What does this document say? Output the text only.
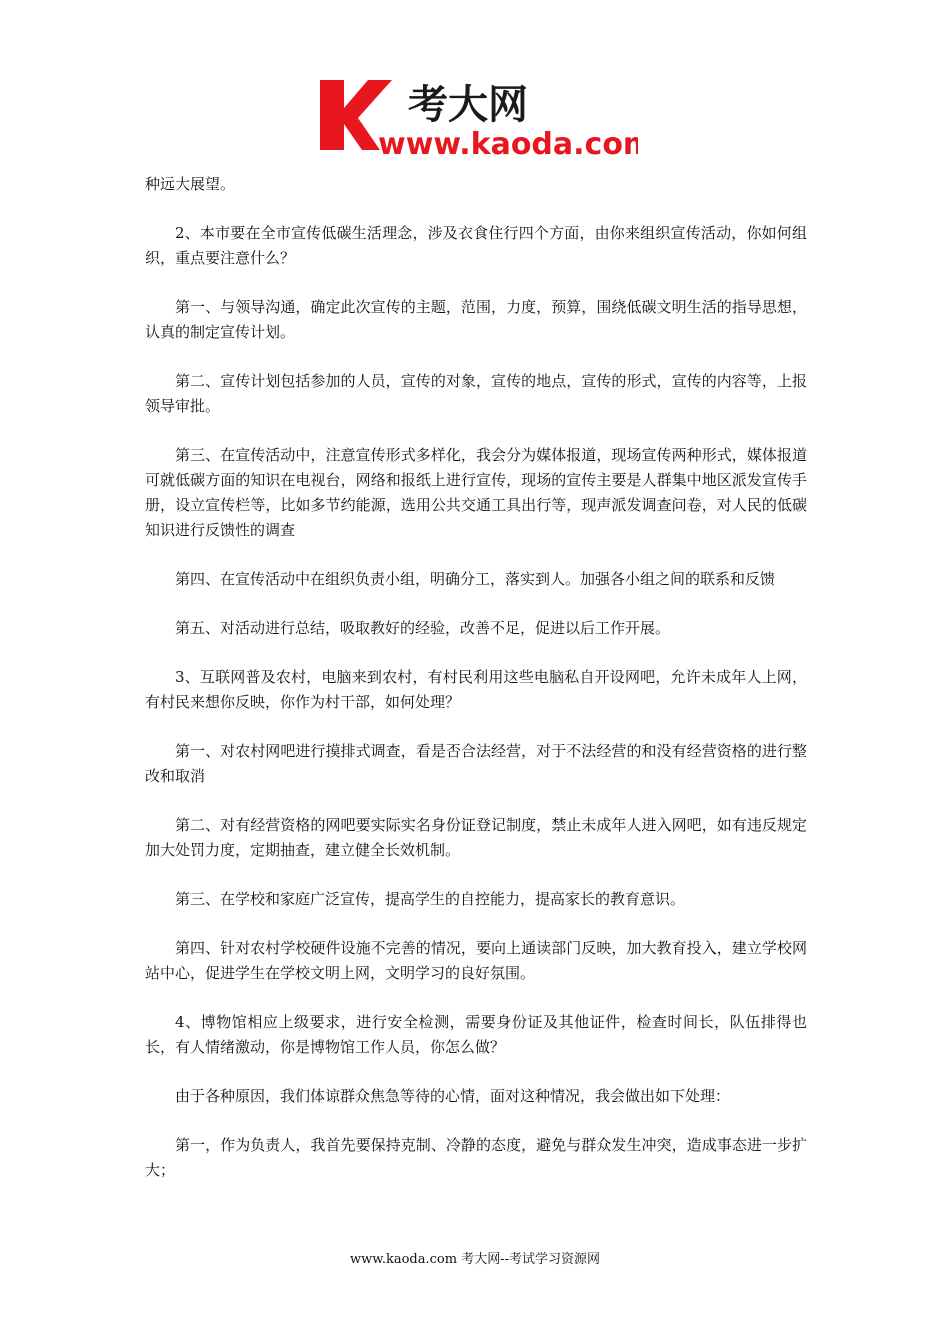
考大网
www.kaoda.com

种远大展望。

2、本市要在全市宣传低碳生活理念，涉及衣食住行四个方面，由你来组织宣传活动，你如何组织，重点要注意什么？

第一、与领导沟通，确定此次宣传的主题，范围，力度，预算，围绕低碳文明生活的指导思想，认真的制定宣传计划。

第二、宣传计划包括参加的人员，宣传的对象，宣传的地点，宣传的形式，宣传的内容等，上报领导审批。

第三、在宣传活动中，注意宣传形式多样化，我会分为媒体报道，现场宣传两种形式，媒体报道可就低碳方面的知识在电视台，网络和报纸上进行宣传，现场的宣传主要是人群集中地区派发宣传手册，设立宣传栏等，比如多节约能源，选用公共交通工具出行等，现声派发调查问卷，对人民的低碳知识进行反馈性的调查

第四、在宣传活动中在组织负责小组，明确分工，落实到人。加强各小组之间的联系和反馈

第五、对活动进行总结，吸取教好的经验，改善不足，促进以后工作开展。

3、互联网普及农村，电脑来到农村，有村民利用这些电脑私自开设网吧，允许未成年人上网，有村民来想你反映，你作为村干部，如何处理？

第一、对农村网吧进行摸排式调查，看是否合法经营，对于不法经营的和没有经营资格的进行整改和取消

第二、对有经营资格的网吧要实际实名身份证登记制度，禁止未成年人进入网吧，如有违反规定加大处罚力度，定期抽查，建立健全长效机制。

第三、在学校和家庭广泛宣传，提高学生的自控能力，提高家长的教育意识。

第四、针对农村学校硬件设施不完善的情况，要向上通读部门反映，加大教育投入，建立学校网站中心，促进学生在学校文明上网，文明学习的良好氛围。

4、博物馆相应上级要求，进行安全检测，需要身份证及其他证件，检查时间长，队伍排得也长，有人情绪激动，你是博物馆工作人员，你怎么做？

由于各种原因，我们体谅群众焦急等待的心情，面对这种情况，我会做出如下处理：

第一，作为负责人，我首先要保持克制、冷静的态度，避免与群众发生冲突，造成事态进一步扩大；

www.kaoda.com 考大网--考试学习资源网
